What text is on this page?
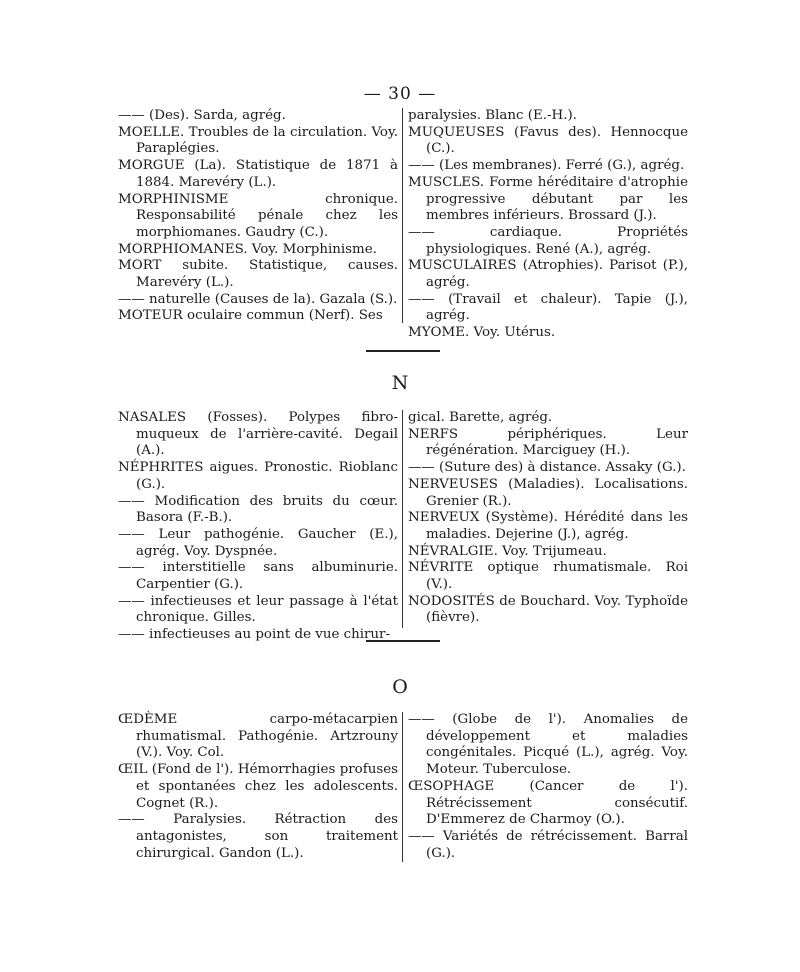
— 30 —
—— (Des). Sarda, agrég.
MOELLE. Troubles de la circulation. Voy. Paraplégies.
MORGUE (La). Statistique de 1871 à 1884. Marevéry (L.).
MORPHINISME chronique. Responsabilité pénale chez les morphiomanes. Gaudry (C.).
MORPHIOMANES. Voy. Morphinisme.
MORT subite. Statistique, causes. Marevéry (L.).
—— naturelle (Causes de la). Gazala (S.).
MOTEUR oculaire commun (Nerf). Ses
paralysies. Blanc (E.-H.).
MUQUEUSES (Favus des). Hennocque (C.).
—— (Les membranes). Ferré (G.), agrég.
MUSCLES. Forme héréditaire d'atrophie progressive débutant par les membres inférieurs. Brossard (J.).
—— cardiaque. Propriétés physiologiques. René (A.), agrég.
MUSCULAIRES (Atrophies). Parisot (P.), agrég.
—— (Travail et chaleur). Tapie (J.), agrég.
MYOME. Voy. Utérus.
N
NASALES (Fosses). Polypes fibro-muqueux de l'arrière-cavité. Degail (A.).
NÉPHRITES aigues. Pronostic. Rioblanc (G.).
—— Modification des bruits du cœur. Basora (F.-B.).
—— Leur pathogénie. Gaucher (E.), agrég. Voy. Dyspnée.
—— interstitielle sans albuminurie. Carpentier (G.).
—— infectieuses et leur passage à l'état chronique. Gilles.
—— infectieuses au point de vue chirur-
gical. Barette, agrég.
NERFS périphériques. Leur régénération. Marciguey (H.).
—— (Suture des) à distance. Assaky (G.).
NERVEUSES (Maladies). Localisations. Grenier (R.).
NERVEUX (Système). Hérédité dans les maladies. Dejerine (J.), agrég.
NÉVRALGIE. Voy. Trijumeau.
NÉVRITE optique rhumatismale. Roi (V.).
NODOSITÉS de Bouchard. Voy. Typhoïde (fièvre).
O
ŒDÈME carpo-métacarpien rhumatismal. Pathogénie. Artzrouny (V.). Voy. Col.
ŒIL (Fond de l'). Hémorrhagies profuses et spontanées chez les adolescents. Cognet (R.).
—— Paralysies. Rétraction des antagonistes, son traitement chirurgical. Gandon (L.).
—— (Globe de l'). Anomalies de développement et maladies congénitales. Picqué (L.), agrég. Voy. Moteur. Tuberculose.
ŒSOPHAGE (Cancer de l'). Rétrécissement consécutif. D'Emmerez de Charmoy (O.).
—— Variétés de rétrécissement. Barral (G.).
